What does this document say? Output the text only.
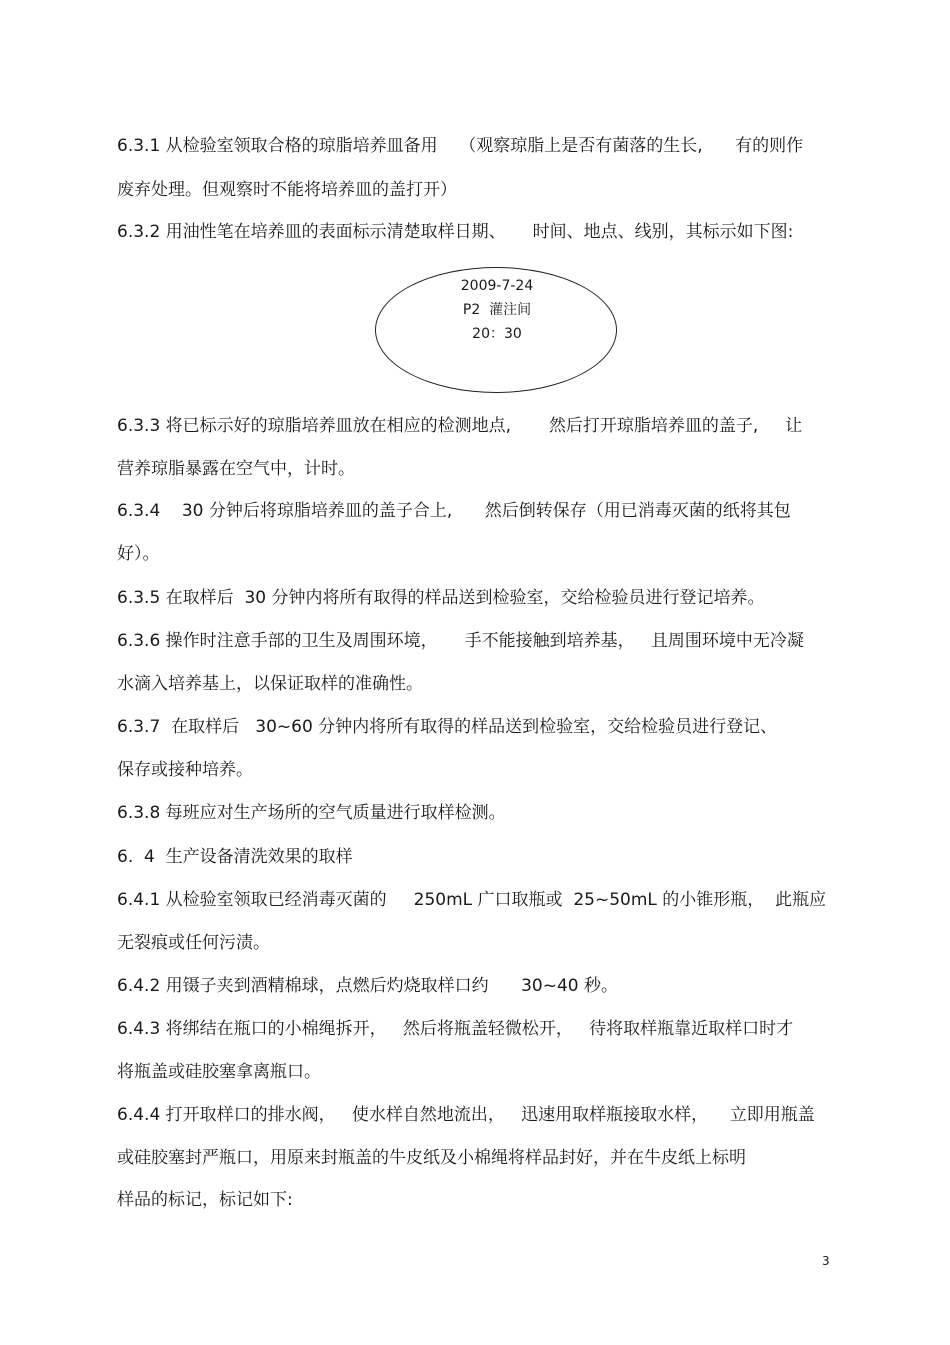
6.3.1 从检验室领取合格的琼脂培养皿备用    （观察琼脂上是否有菌落的生长,      有的则作
废弃处理。但观察时不能将培养皿的盖打开）
6.3.2 用油性笔在培养皿的表面标示清楚取样日期、     时间、地点、线别，其标示如下图:
2009-7-24
P2  灌注间
20：30
6.3.3 将已标示好的琼脂培养皿放在相应的检测地点,       然后打开琼脂培养皿的盖子,     让
营养琼脂暴露在空气中，计时。
6.3.4    30 分钟后将琼脂培养皿的盖子合上,      然后倒转保存（用已消毒灭菌的纸将其包
好）。
6.3.5 在取样后  30 分钟内将所有取得的样品送到检验室，交给检验员进行登记培养。
6.3.6 操作时注意手部的卫生及周围环境，     手不能接触到培养基，   且周围环境中无冷凝
水滴入培养基上，以保证取样的准确性。
6.3.7  在取样后   30~60 分钟内将所有取得的样品送到检验室，交给检验员进行登记、
保存或接种培养。
6.3.8 每班应对生产场所的空气质量进行取样检测。
6.  4  生产设备清洗效果的取样
6.4.1 从检验室领取已经消毒灭菌的     250mL 广口取瓶或  25~50mL 的小锥形瓶，  此瓶应
无裂痕或任何污渍。
6.4.2 用镊子夹到酒精棉球，点燃后灼烧取样口约      30~40 秒。
6.4.3 将绑结在瓶口的小棉绳拆开，   然后将瓶盖轻微松开，   待将取样瓶靠近取样口时才
将瓶盖或硅胶塞拿离瓶口。
6.4.4 打开取样口的排水阀，   使水样自然地流出，   迅速用取样瓶接取水样，    立即用瓶盖
或硅胶塞封严瓶口，用原来封瓶盖的牛皮纸及小棉绳将样品封好，并在牛皮纸上标明
样品的标记，标记如下:
3
